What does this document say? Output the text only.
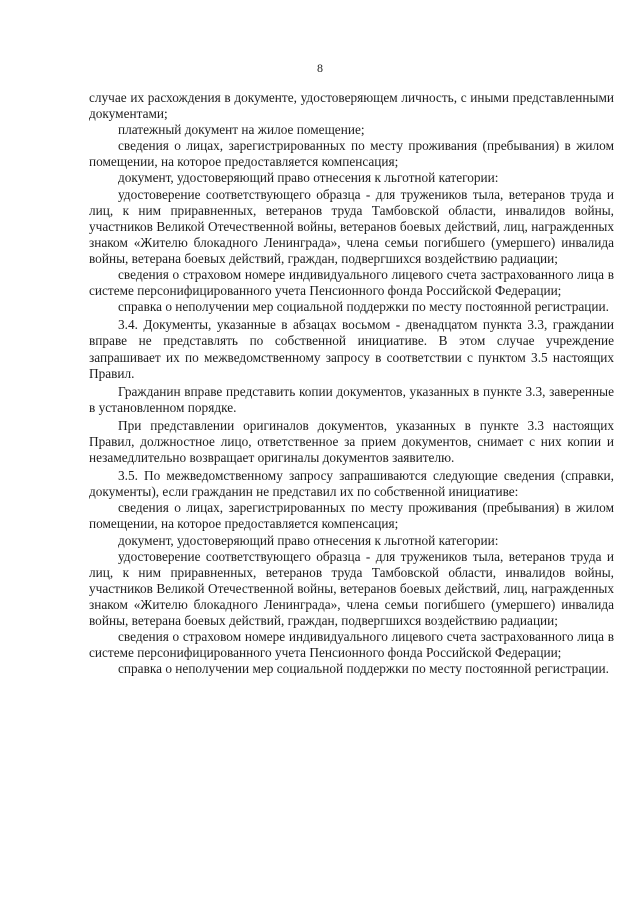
8

случае их расхождения в документе, удостоверяющем личность, с иными представленными документами;

платежный документ на жилое помещение;

сведения о лицах, зарегистрированных по месту проживания (пребывания) в жилом помещении, на которое предоставляется компенсация;

документ, удостоверяющий право отнесения к льготной категории:

удостоверение соответствующего образца - для тружеников тыла, ветеранов труда и лиц, к ним приравненных, ветеранов труда Тамбовской области, инвалидов войны, участников Великой Отечественной войны, ветеранов боевых действий, лиц, награжденных знаком «Жителю блокадного Ленинграда», члена семьи погибшего (умершего) инвалида войны, ветерана боевых действий, граждан, подвергшихся воздействию радиации;

сведения о страховом номере индивидуального лицевого счета застрахованного лица в системе персонифицированного учета Пенсионного фонда Российской Федерации;

справка о неполучении мер социальной поддержки по месту постоянной регистрации.

3.4. Документы, указанные в абзацах восьмом - двенадцатом пункта 3.3, граждании вправе не представлять по собственной инициативе. В этом случае учреждение запрашивает их по межведомственному запросу в соответствии с пунктом 3.5 настоящих Правил.

Гражданин вправе представить копии документов, указанных в пункте 3.3, заверенные в установленном порядке.

При представлении оригиналов документов, указанных в пункте 3.3 настоящих Правил, должностное лицо, ответственное за прием документов, снимает с них копии и незамедлительно возвращает оригиналы документов заявителю.

3.5. По межведомственному запросу запрашиваются следующие сведения (справки, документы), если гражданин не представил их по собственной инициативе:

сведения о лицах, зарегистрированных по месту проживания (пребывания) в жилом помещении, на которое предоставляется компенсация;

документ, удостоверяющий право отнесения к льготной категории:

удостоверение соответствующего образца - для тружеников тыла, ветеранов труда и лиц, к ним приравненных, ветеранов труда Тамбовской области, инвалидов войны, участников Великой Отечественной войны, ветеранов боевых действий, лиц, награжденных знаком «Жителю блокадного Ленинграда», члена семьи погибшего (умершего) инвалида войны, ветерана боевых действий, граждан, подвергшихся воздействию радиации;

сведения о страховом номере индивидуального лицевого счета застрахованного лица в системе персонифицированного учета Пенсионного фонда Российской Федерации;

справка о неполучении мер социальной поддержки по месту постоянной регистрации.
